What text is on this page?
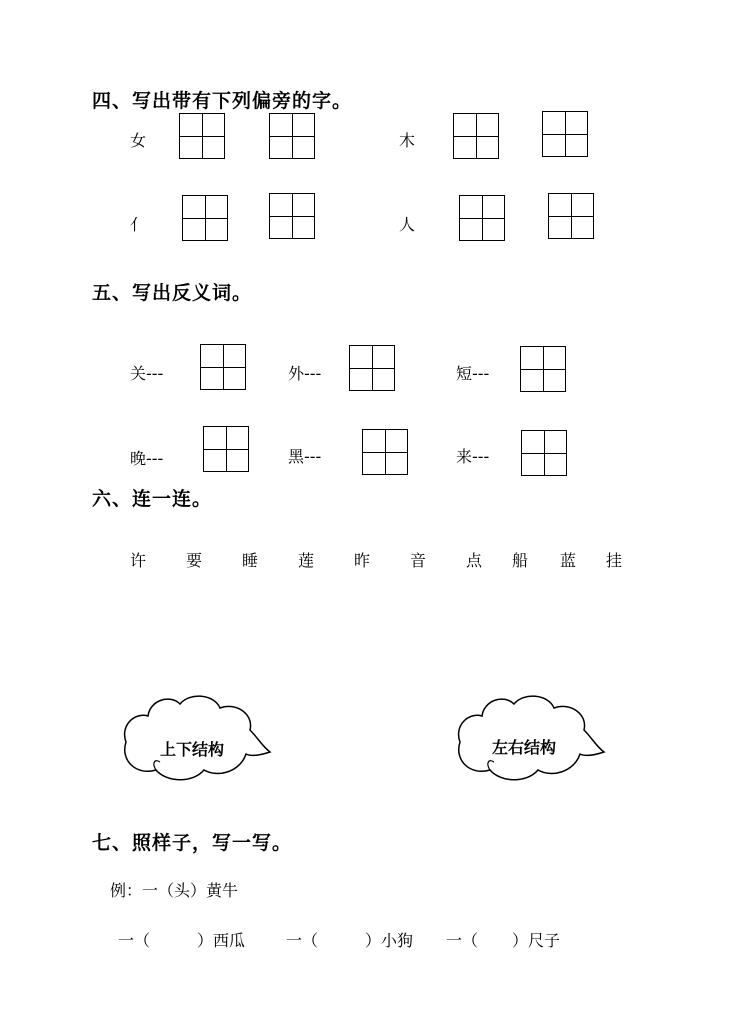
四、写出带有下列偏旁的字。
女	木
亻	人
五、写出反义词。
关---	外---	短---
晚---	黑---	来---
六、连一连。
许 要 睡 莲 昨 音 点 船 蓝 挂
上下结构	左右结构
七、照样子，写一写。
例：一（头）黄牛
一（	）西瓜	一（	）小狗 一（ ）尺子
